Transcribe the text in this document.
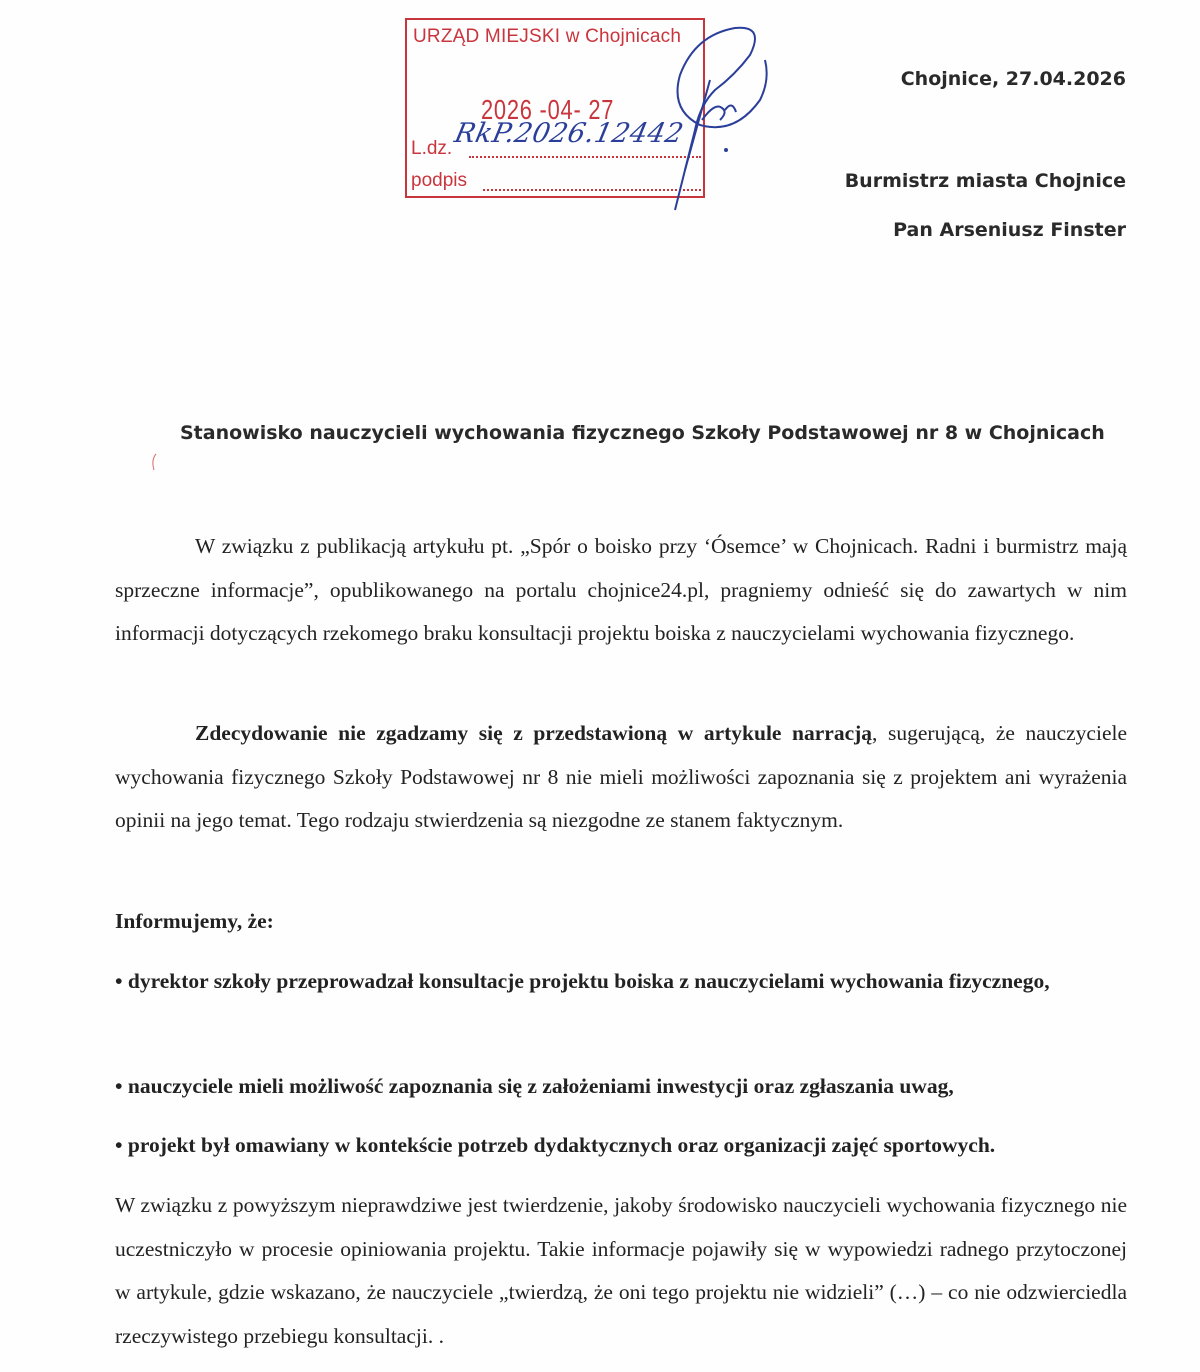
URZĄD MIEJSKI w Chojnicach
2026 -04- 27
L.dz.
podpis
RkP.2026.12442
Chojnice, 27.04.2026
Burmistrz miasta Chojnice
Pan Arseniusz Finster
Stanowisko nauczycieli wychowania fizycznego Szkoły Podstawowej nr 8 w Chojnicach
W związku z publikacją artykułu pt. „Spór o boisko przy ‘Ósemce’ w Chojnicach. Radni i burmistrz mają sprzeczne informacje”, opublikowanego na portalu chojnice24.pl, pragniemy odnieść się do zawartych w nim informacji dotyczących rzekomego braku konsultacji projektu boiska z nauczycielami wychowania fizycznego.
Zdecydowanie nie zgadzamy się z przedstawioną w artykule narracją, sugerującą, że nauczyciele wychowania fizycznego Szkoły Podstawowej nr 8 nie mieli możliwości zapoznania się z projektem ani wyrażenia opinii na jego temat. Tego rodzaju stwierdzenia są niezgodne ze stanem faktycznym.
Informujemy, że:
• dyrektor szkoły przeprowadzał konsultacje projektu boiska z nauczycielami wychowania fizycznego,
• nauczyciele mieli możliwość zapoznania się z założeniami inwestycji oraz zgłaszania uwag,
• projekt był omawiany w kontekście potrzeb dydaktycznych oraz organizacji zajęć sportowych.
W związku z powyższym nieprawdziwe jest twierdzenie, jakoby środowisko nauczycieli wychowania fizycznego nie uczestniczyło w procesie opiniowania projektu. Takie informacje pojawiły się w wypowiedzi radnego przytoczonej w artykule, gdzie wskazano, że nauczyciele „twierdzą, że oni tego projektu nie widzieli” (…) – co nie odzwierciedla rzeczywistego przebiegu konsultacji. .
